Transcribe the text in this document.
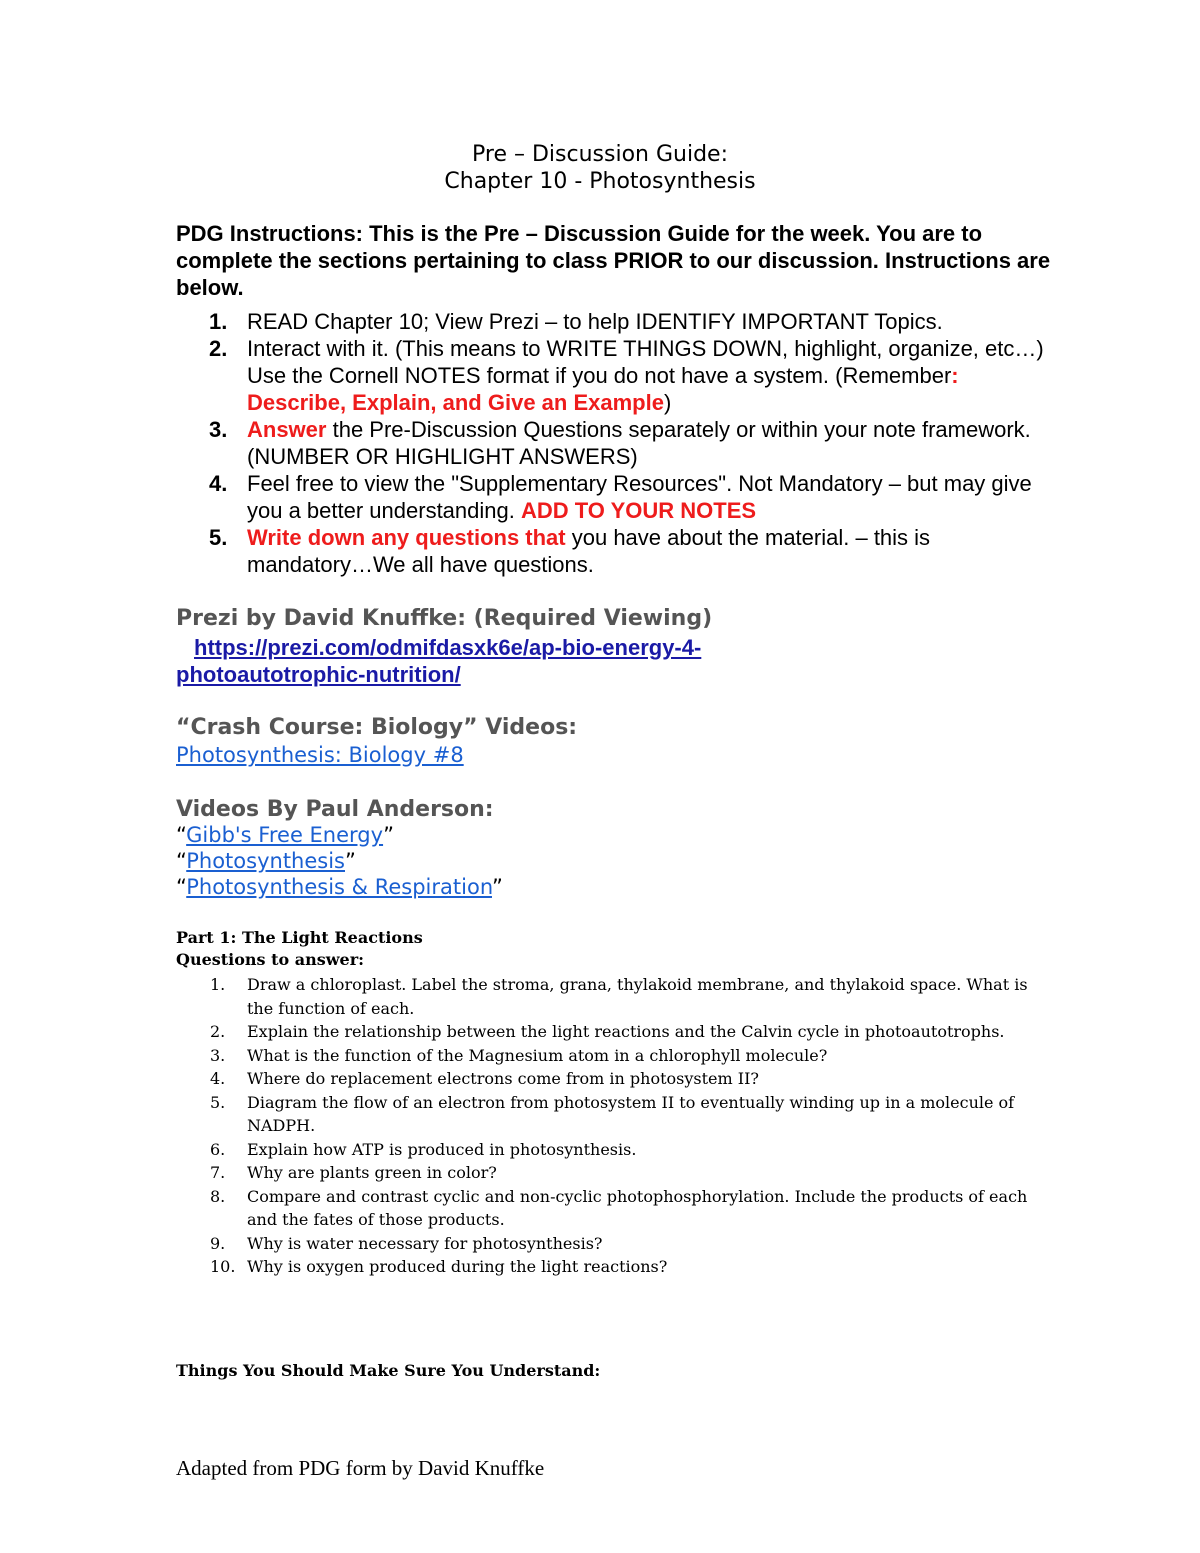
Pre – Discussion Guide:
Chapter 10 - Photosynthesis
PDG Instructions: This is the Pre – Discussion Guide for the week. You are to complete the sections pertaining to class PRIOR to our discussion. Instructions are below.
1. READ Chapter 10; View Prezi – to help IDENTIFY IMPORTANT Topics.
2. Interact with it. (This means to WRITE THINGS DOWN, highlight, organize, etc…) Use the Cornell NOTES format if you do not have a system. (Remember: Describe, Explain, and Give an Example)
3. Answer the Pre-Discussion Questions separately or within your note framework. (NUMBER OR HIGHLIGHT ANSWERS)
4. Feel free to view the "Supplementary Resources". Not Mandatory – but may give you a better understanding. ADD TO YOUR NOTES
5. Write down any questions that you have about the material. – this is mandatory…We all have questions.
Prezi by David Knuffke: (Required Viewing)
https://prezi.com/odmifdasxk6e/ap-bio-energy-4-
photoautotrophic-nutrition/
“Crash Course: Biology” Videos:
Photosynthesis: Biology #8
Videos By Paul Anderson:
“Gibb's Free Energy”
“Photosynthesis”
“Photosynthesis & Respiration”
Part 1: The Light Reactions
Questions to answer:
1. Draw a chloroplast. Label the stroma, grana, thylakoid membrane, and thylakoid space. What is the function of each.
2. Explain the relationship between the light reactions and the Calvin cycle in photoautotrophs.
3. What is the function of the Magnesium atom in a chlorophyll molecule?
4. Where do replacement electrons come from in photosystem II?
5. Diagram the flow of an electron from photosystem II to eventually winding up in a molecule of NADPH.
6. Explain how ATP is produced in photosynthesis.
7. Why are plants green in color?
8. Compare and contrast cyclic and non-cyclic photophosphorylation. Include the products of each and the fates of those products.
9. Why is water necessary for photosynthesis?
10. Why is oxygen produced during the light reactions?
Things You Should Make Sure You Understand:
Adapted from PDG form by David Knuffke
